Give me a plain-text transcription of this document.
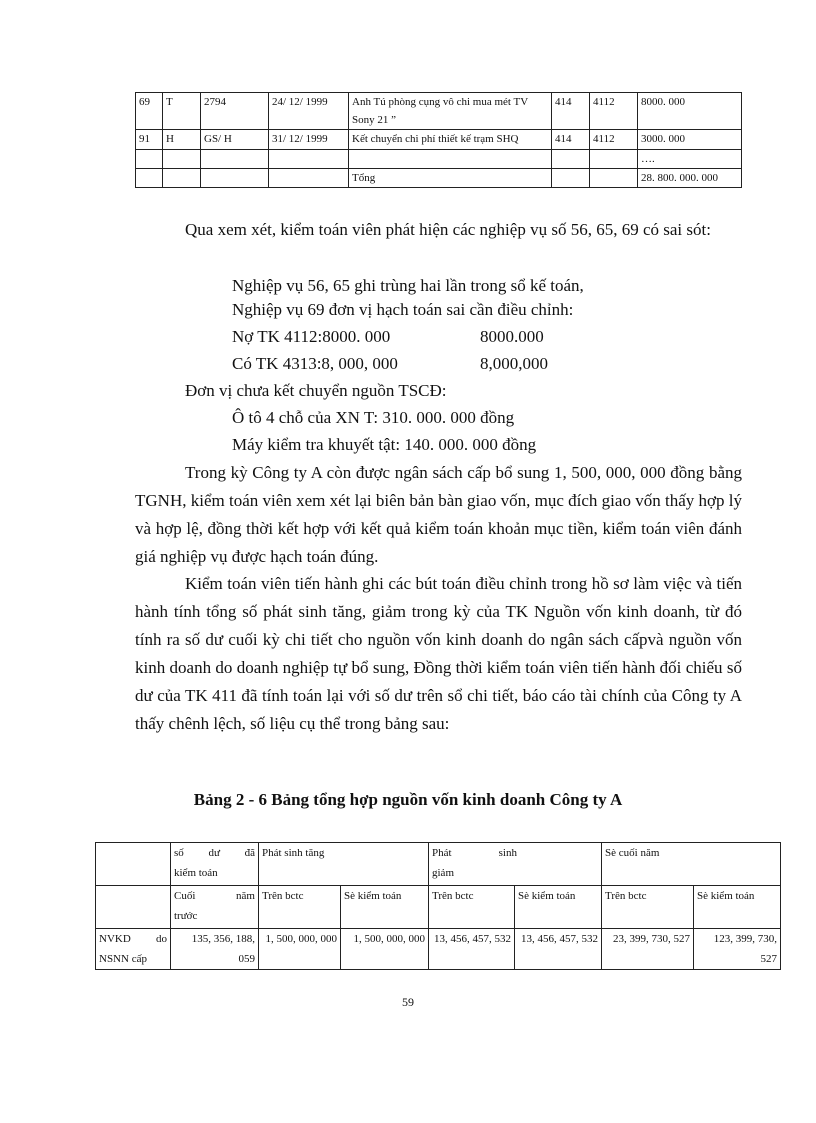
69	T	2794	24/ 12/ 1999	Anh Tú phòng cụng vô chi mua mét TV Sony 21 ”	414	4112	8000. 000
91	H	GS/ H	31/ 12/ 1999	Kết chuyển chi phí thiết kế trạm SHQ	414	4112	3000. 000
							….
				Tổng			28. 800. 000. 000

Qua xem xét, kiểm toán viên phát hiện các nghiệp vụ số 56, 65, 69 có sai sót:

Nghiệp vụ 56, 65 ghi trùng hai lần trong sổ kế toán,
Nghiệp vụ 69 đơn vị hạch toán sai cần điều chỉnh:
Nợ TK 4112:8000. 000	8000.000
Có TK 4313:8, 000, 000	8,000,000
Đơn vị chưa kết chuyển nguồn TSCĐ:
Ô tô 4 chỗ của XN T: 310. 000. 000 đồng
Máy kiểm tra khuyết tật: 140. 000. 000 đồng

Trong kỳ Công ty A còn được ngân sách cấp bổ sung 1, 500, 000, 000 đồng bằng TGNH, kiểm toán viên xem xét lại biên bản bàn giao vốn, mục đích giao vốn thấy hợp lý và hợp lệ, đồng thời kết hợp với kết quả kiểm toán khoản mục tiền, kiểm toán viên đánh giá nghiệp vụ được hạch toán đúng.

Kiểm toán viên tiến hành ghi các bút toán điều chỉnh trong hồ sơ làm việc và tiến hành tính tổng số phát sinh tăng, giảm trong kỳ của TK Nguồn vốn kinh doanh, từ đó tính ra số dư cuối kỳ chi tiết cho nguồn vốn kinh doanh do ngân sách cấpvà nguồn vốn kinh doanh do doanh nghiệp tự bổ sung, Đồng thời kiểm toán viên tiến hành đối chiếu số dư của TK 411 đã tính toán lại với số dư trên sổ chi tiết, báo cáo tài chính của Công ty A thấy chênh lệch, số liệu cụ thể trong bảng sau:

Bảng 2 - 6 Bảng tổng hợp nguồn vốn kinh doanh Công ty A

	số dư đã
kiểm toán	Phát sinh tăng		Phát sinh
giảm		Sè cuối năm	

	Cuối năm
trước	Trên bctc	Sè kiểm toán	Trên bctc	Sè kiểm toán	Trên bctc	Sè kiểm toán

NVKD do
NSNN cấp	135, 356, 188, 059	1, 500, 000, 000	1, 500, 000, 000	13, 456, 457, 532	13, 456, 457, 532	23, 399, 730, 527	123, 399, 730, 527
59
